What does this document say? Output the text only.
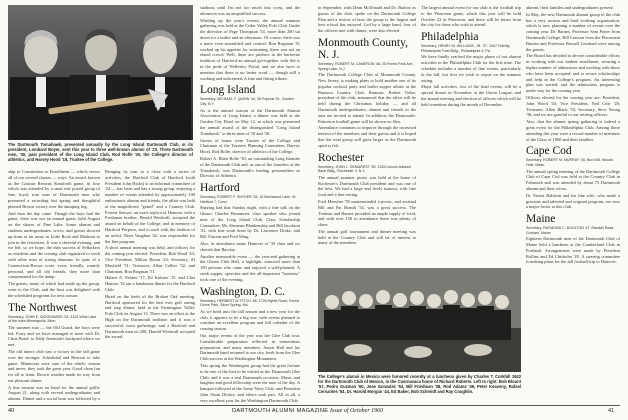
The Dartmouth Tomahawk, presented annually by the Long Island Dartmouth Club, or its president, Lombard Boyer, sent this year to three well-known alumni of '23. Three Dartmouth men, '30, past president of the Long Island Club, Rod Rolfe '30, the College's director of athletics, and Harvey Hood '18, Trustee of the College.

ship to Constitution to Enrollment — which serves all of our several classes — ways. An award, known as the Casimir Rexroat Staniforth game, in Jose which was attended by a smal real prized group of fine, loyal, true sons of Dartmouth men who presented a recording last spring and thoughtful pleased Brown victory over the damping fog.

And then the day came. Though the boys had the game, there was not an annual game, held August on the shores of Pine Lake. Some alumni and students undergraduates, wives, and guests showed up from as far away as Little Rock and Madison to join in the festivities. It was a cheerful evening, and we left, so we hope, the elan success of Selkirkers as residents and the coming club organized to work with other men of strong alumnus. In spite of a Connecticut-Brown score, every friendly, warmly personal, and all old friends, they more than compensated for the damp.

The guests, many of which had made up the group, went to the Club, and the host was delighted with the scheduled programs for next season.

The Northwest

Secretary, JOHN E. WOODWARD '33, 4124 West Lake of the Isles Minneapolis, Minn.

The summer was — the Old Guard, the boys were led, Forty and we have managed to meet with Dr. Chris Baird; to Eddy Jeremiah's backyard where we met.

The old timers club saw a victory in the fall game over the stronger. Scheduled and Rexroat to take game. Minnesota were sure of the rebels: season and never, they took the great year. Good clean fun for all to learn. Brown weather made its way from our pleasant dinner.

A fine turnout was on hand for the annual golfer August 21, along with several undergraduates and alumni. Dinner and a social hour was followed by a

Bringing its year to a close with a series of activities, the Hartford Club of Hartford (with President John Hicks) is an informal committee of '24 — has been and has a strong group, enjoying a number of events attended by approximately 100 enthusiastic alumni and friends, the affair was held at the magnificent "grand" and a Country Club. Forrest Sawyer, an exact replica of Hanover with a Freshman brother, Harold Weshvall, accepted the award on behalf of the College, and in memory of Hartford Purpose, and to melt with the fashion of an awful, Newt Vaughan '42, was responsible for the fine program.

A short annual meeting was held, and officers for the coming year elected: President, Bob Wood '43; Vice President, Milton Rosen '24; Secretary, Al Maxfield '51; Treasurer, Allan Collier '52; and Chairman, Ron Brigman '51.

Hubert A. Palmer '17, Ed Kirkner '15, and Chet Hanson '32 ran a handsome dinner for the Hartford Club.

Hired on the heels of the Broken Oak meeting, Hartford sponsored for the best ever golf outing and stag dinner, held at the Farmington Valley Polo Club on August 13. There was an effort at the High on the Dartmouth tradition and it was a successful, most gatherings, and a Hartford and Dartmouth men on 200, Harold Weshvall accepted the award.

stadium, until I'm not too much into cross, and the afternoon was an unqualified success.

Winding up the year's events, the annual summer gathering was held at the Cedar Valley Polo Club. Under the direction of Page Thompson '54, more than 200 sat down for a buffet and an afternoon. Of course, there was a more even assembled and cooked. Ron Brigman '51 worked up his appetite for swimming, there was not an elated crowd. Well, there are pitchers in the barbecue tradition of Hartford an annual get-together with Sid is in the pride of Wellesley Portal, and we also have to mention that there is no better word — though still a working and unlicensed. A fine and fitting tribute.

Long Island

Secretary, MICHAEL F. QUINN '44, 36 Popular St., Garden City, N.Y.

As is the annual custom of the Dartmouth Alumni Association of Long Island, a dinner was held at the Garden City Hotel on May 12, at which was presented the annual award of the distinguished "Long Island Tomahawk" to three men of '18 and '30.

Guests of honor were Trustee of the College and Chairman of the Trustees Planning Committee, Harvey Hood, Rod Rolfe, director of athletics of the College.

Robert A. Rhett Rolfe '30, an outstanding Long Islander of the Dartmouth Club and, as one of the founders of the Tomahawk, was Dartmouth's leading personalities as Director of Athletics.

Hartford

Secretary, ROBERT F. SNYDER '28, 16 Birchwood Lane, W. Hartford 7, Conn.

Shaving had that Sunday night, with a fine talk on the Gleam. Charles Beaumont, class speaker who joined nine of the Long Island Club. Class Scholarship Committee, Mr. Sherman Blankenship and Bill Jacobson '41, with fine work done by Dr. Lawrence Drake, and Bill Vincent and Fred Wing.

Also, in attendance many Hanover of '39 class and we cherish that Barclay.

Another memorable event — the year-end gathering at the Gleam Club Hall, a highlight, attracted more than 100 persons who came and enjoyed a well-planned. A steak supper, speeches and the all-important "business" took care of the evening.

Washington, D. C.

Secretary, HERBERT W. FITCH '48, 1726 Myrtle Road, Forest Grove Park, Silver Spring, Md.

As we head into the fall season and a new year for the club, it appears to be a big one, with events planned to continue an excellent program and full calendar of the coming season.

Our major events of the year was the Glee Club tour. Considerable preparation reflected in tremendous preparation, and many members. Anton Hall and his Dartmouth band returned to our city, fresh from the Glee Club success at the Washington Monument.

This spring the Washington group had the great fortune to be one of the first to be visited as the Dartmouth Glee Club, and it was a real Dartmouth occasion. Music and laughter and good fellowship were the note of the day. A banquet followed at the Army-Navy Club, and President John Sloan Dickey, and others took part. All in all, a very excellent year for the Washington Dartmouth Club.

in September, with Dean McDonald and Dr. Barlow as guests of the club, spoke on the Dartmouth College Plan and a review of how the group is the largest and best school has enjoyed. Led by a large band, four of the officers met with dinner, were also elected.

Monmouth County, N. J.

Secretary, ROBERT M. CAMERON '48, 25 Forest Park Ave., Spring Lake, N.J.

The Dartmouth College Club of Monmouth County, New Jersey, is making plans to hold another one of its popular cocktail party and buffet supper affairs at the Rumson Country Club, Rumson. Robert Oelze, president of the club, announced that the affair will be held during the Christmas holiday — and all Dartmouth undergraduates, alumni and friends in the area are invited to attend. In addition, the Dartmouth-Princeton football game will be shown on film.

Attendance continues to improve through the increased interest of the members and their guests and it is hoped that the total group will grow larger as the Dartmouth spirit is felt.

Rochester

Secretary, JOHN L. DEMAREST '55, 1325 Lincoln Alliance Bank Bldg., Rochester 4, N.Y.

The annual summer picnic was held at the home of Rochester's Dartmouth Club president and was one of the best. We had a large and lively turnout, with fine food and a fine setting.

Fred Mencher '50 masterminded a picnic, and assisted Bill and Pat Brandt '54, was a great success. The Trudeau and Barnes provided an ample supply of food, and with over 150 in attendance there was plenty of cheer.

The annual golf tournament and dinner meeting was held at the Country Club and will be of interest to many of the members.

The largest annual event for our club is the football trip to the Princeton game, which this year will be held October 22 in Princeton, and there will be buses from the city for those who wish to attend.

Philadelphia

Secretary, HENRY W. WILLIAMS, JR. '37, 1947 Fidelity-Philadelphia Trust Bldg., Philadelphia 9, Pa.

We have finally reached the major phase of our alumni activities in the Philadelphia Club for the first time. The schedule includes a number of fine events, particularly in the fall, but first we wish to report on the summer outing.

Major fall activities, two of the final events, will be a special dinner in November at the Union League, and the annual meeting and election of officers which will be held sometime during the month of December.

The College's alumni in Mexico were honored recently at a luncheon given by Charles T. Corkhill 1942 for the Dartmouth Club of Mexico, in the Cuernavaca home of Richard Roberts. Left to right: Bob Blount '57, Pedro Guzman '60, Jose Gonzalez '53, Bill Friedman '38, Rod Adams '49, Peter Keaveny, Rafael Cervantes '54, Dr. Harold Morgan '44, Ed Baker, Bob Schmidt and Ray Coughlin.

alumni, their families and undergraduates present.

In May, the new Dartmouth alumni group of the club has a very serious and hard working organization, which is now planning a number of events over the coming year. Dr. Barnes, Professor Sam Potter from Dartmouth College, Bill Lawson from the Placement Bureau and Professor Russell Lombard were among the guests.

The Board has decided to devote considerable efforts in working with our student enrollment, securing a higher number of admissions and working with those who have been accepted, and to secure scholarships and help in the College's program. An interesting plan was started, and the admissions program is under way for the coming year.

Officers elected for the coming year are: President, John Wood '43; Vice President, Ned Cole '28; Treasurer, Allen Black '55; Secretary, Stew Young '36; and we are grateful to our retiring officers.

Also, that the alumni spring gathering is indeed a great event for the Philadelphia Club. Among those attending this year were a record number of members of the Class of 1960 and their families.

Cape Cod

Secretary, ROBERT M. MURRAY '35, Box 645, Woods Hole, Mass.

The annual spring meeting of the Dartmouth College Club of Cape Cod was held at the Country Club in Falmouth and was attended by about 75 Dartmouth alumni and their wives.

Dr. Ernest Baldwin and his fine wife, who made a gracious and talented and original program, are now a major factor at this club.

Maine

Secretary, RAYMOND C. BOULTON '47, Randall Road, Gorham, Maine

Eighteen Dartmouth men of the Dartmouth Club of Maine held a luncheon at the Cumberland Club in Portland. Arrangements were made by President Rollins and Ed Chisholm '28. A steering committee is making plans for the fall football trip to Hanover.

40	DARTMOUTH ALUMNI MAGAZINE Issue of October 1960	41
